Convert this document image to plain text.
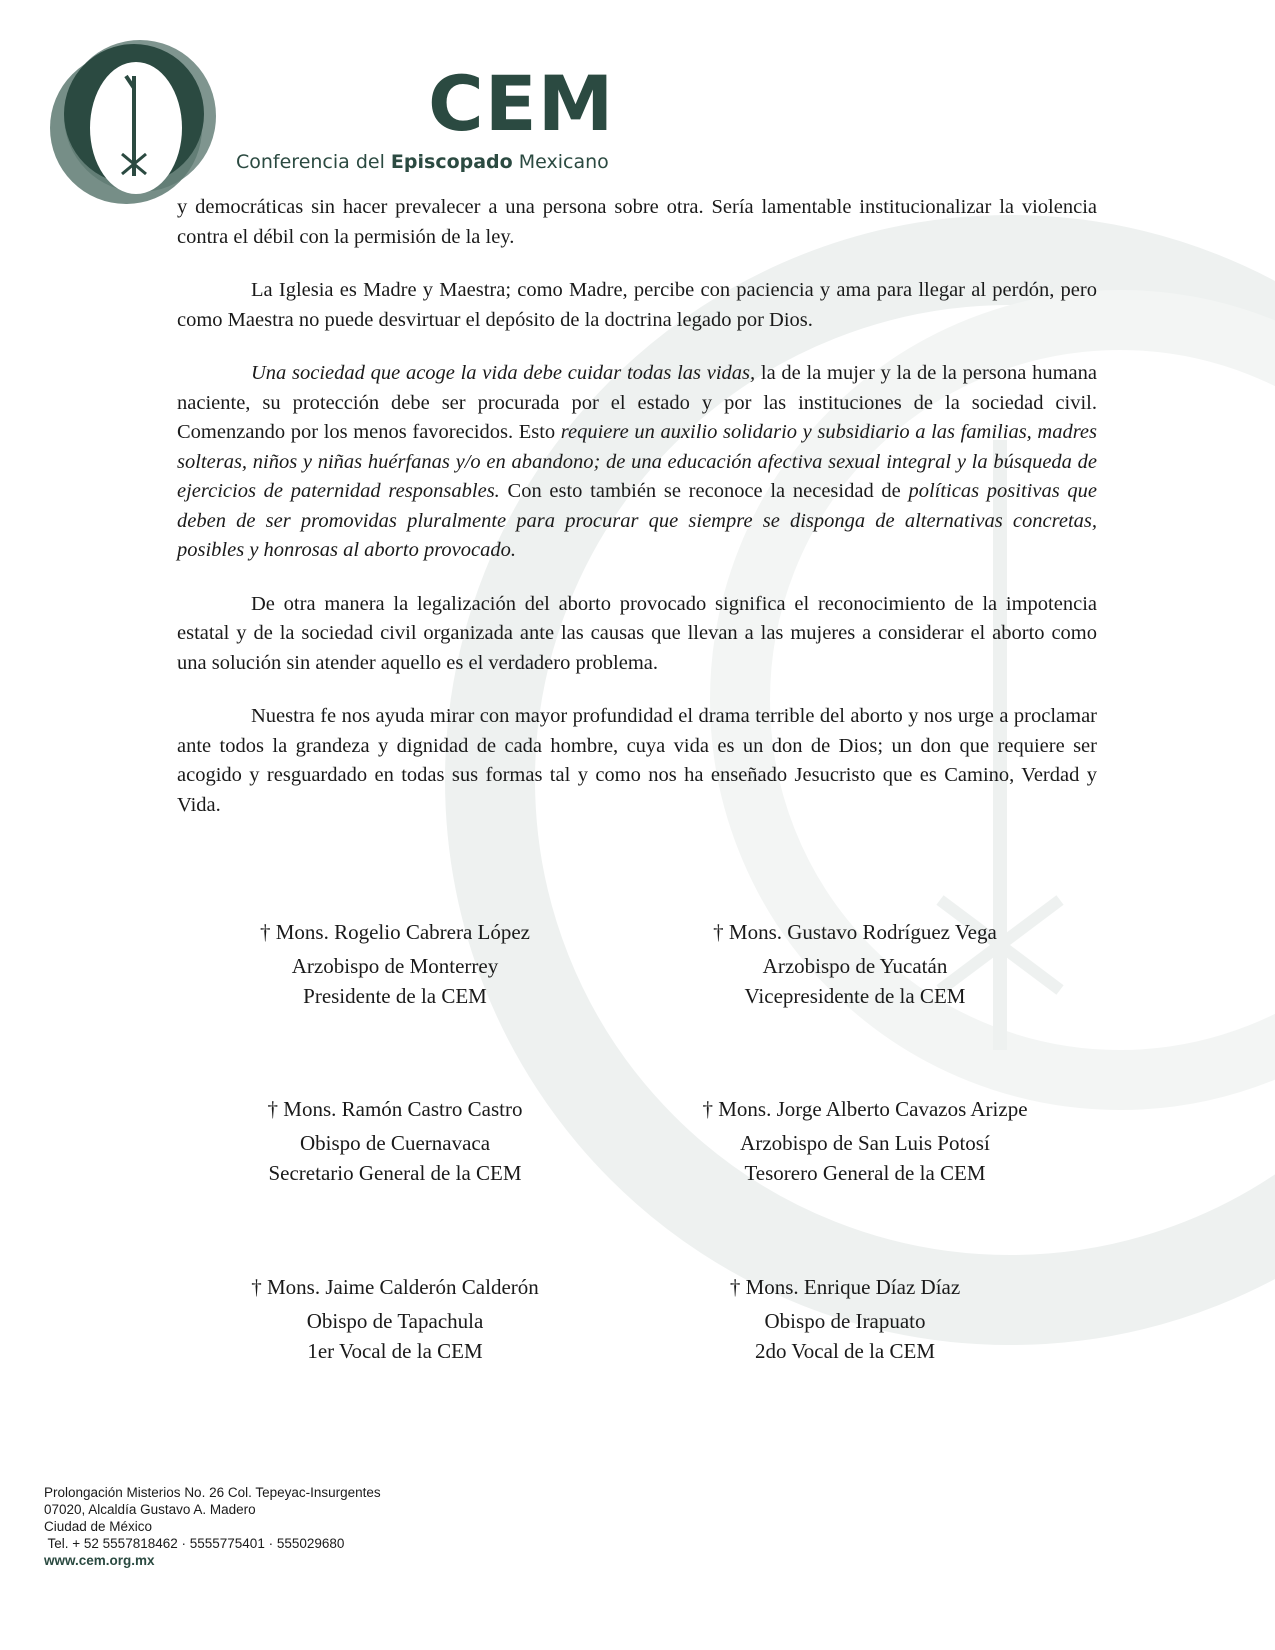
CEM
Conferencia del Episcopado Mexicano

y democráticas sin hacer prevalecer a una persona sobre otra. Sería lamentable institucionalizar la violencia contra el débil con la permisión de la ley.

La Iglesia es Madre y Maestra; como Madre, percibe con paciencia y ama para llegar al perdón, pero como Maestra no puede desvirtuar el depósito de la doctrina legado por Dios.

Una sociedad que acoge la vida debe cuidar todas las vidas, la de la mujer y la de la persona humana naciente, su protección debe ser procurada por el estado y por las instituciones de la sociedad civil. Comenzando por los menos favorecidos. Esto requiere un auxilio solidario y subsidiario a las familias, madres solteras, niños y niñas huérfanas y/o en abandono; de una educación afectiva sexual integral y la búsqueda de ejercicios de paternidad responsables. Con esto también se reconoce la necesidad de políticas positivas que deben de ser promovidas pluralmente para procurar que siempre se disponga de alternativas concretas, posibles y honrosas al aborto provocado.

De otra manera la legalización del aborto provocado significa el reconocimiento de la impotencia estatal y de la sociedad civil organizada ante las causas que llevan a las mujeres a considerar el aborto como una solución sin atender aquello es el verdadero problema.

Nuestra fe nos ayuda mirar con mayor profundidad el drama terrible del aborto y nos urge a proclamar ante todos la grandeza y dignidad de cada hombre, cuya vida es un don de Dios; un don que requiere ser acogido y resguardado en todas sus formas tal y como nos ha enseñado Jesucristo que es Camino, Verdad y Vida.

† Mons. Rogelio Cabrera López
Arzobispo de Monterrey
Presidente de la CEM
† Mons. Gustavo Rodríguez Vega
Arzobispo de Yucatán
Vicepresidente de la CEM
† Mons. Ramón Castro Castro
Obispo de Cuernavaca
Secretario General de la CEM
† Mons. Jorge Alberto Cavazos Arizpe
Arzobispo de San Luis Potosí
Tesorero General de la CEM
† Mons. Jaime Calderón Calderón
Obispo de Tapachula
1er Vocal de la CEM
† Mons. Enrique Díaz Díaz
Obispo de Irapuato
2do Vocal de la CEM
Prolongación Misterios No. 26 Col. Tepeyac-Insurgentes
07020, Alcaldía Gustavo A. Madero
Ciudad de México
Tel. + 52 5557818462 · 5555775401 · 555029680
www.cem.org.mx
